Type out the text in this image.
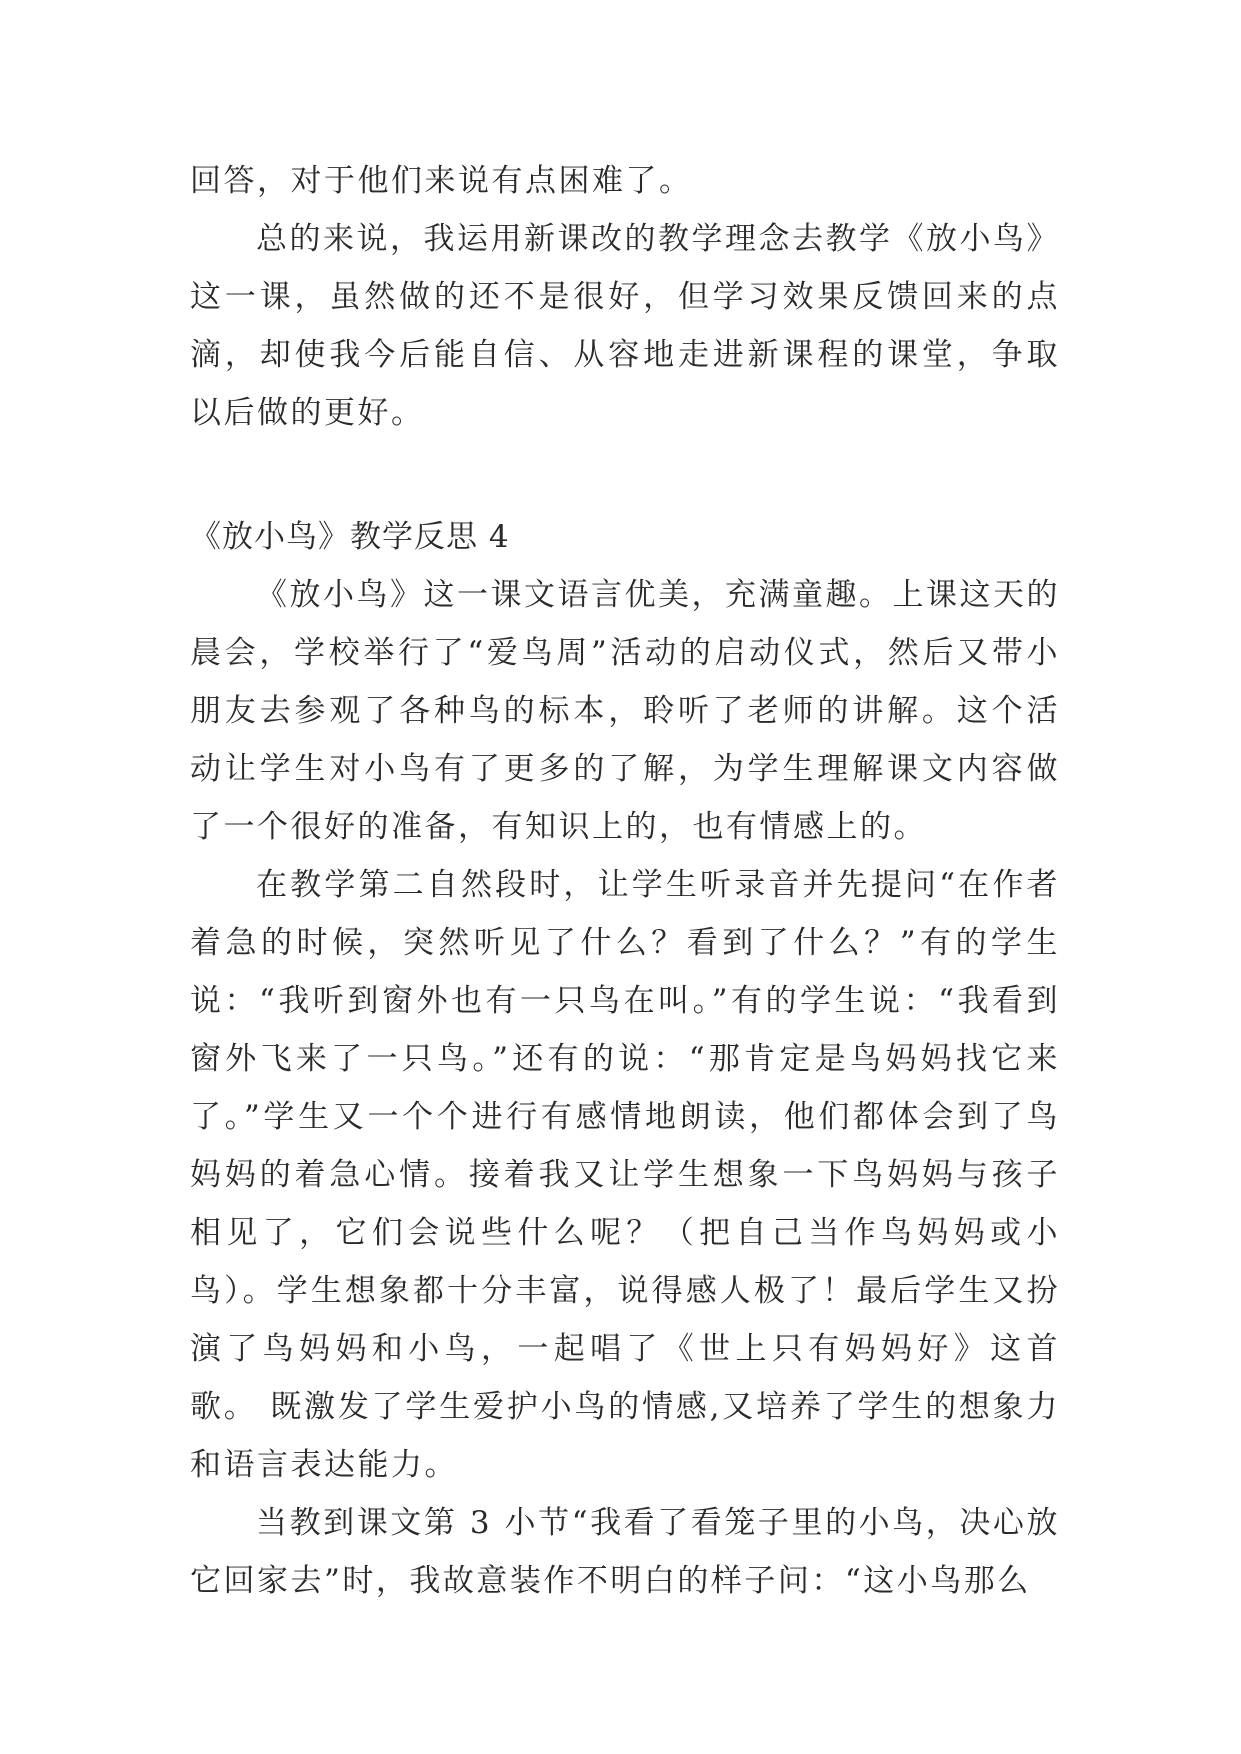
回答，对于他们来说有点困难了。

总的来说，我运用新课改的教学理念去教学《放小鸟》这一课，虽然做的还不是很好，但学习效果反馈回来的点滴，却使我今后能自信、从容地走进新课程的课堂，争取以后做的更好。

《放小鸟》教学反思 4

《放小鸟》这一课文语言优美，充满童趣。上课这天的晨会，学校举行了“爱鸟周”活动的启动仪式，然后又带小朋友去参观了各种鸟的标本，聆听了老师的讲解。这个活动让学生对小鸟有了更多的了解，为学生理解课文内容做了一个很好的准备，有知识上的，也有情感上的。

在教学第二自然段时，让学生听录音并先提问“在作者着急的时候，突然听见了什么？看到了什么？”有的学生说：“我听到窗外也有一只鸟在叫。”有的学生说：“我看到窗外飞来了一只鸟。”还有的说：“那肯定是鸟妈妈找它来了。”学生又一个个进行有感情地朗读，他们都体会到了鸟妈妈的着急心情。接着我又让学生想象一下鸟妈妈与孩子相见了，它们会说些什么呢？（把自己当作鸟妈妈或小鸟）。学生想象都十分丰富，说得感人极了！最后学生又扮演了鸟妈妈和小鸟，一起唱了《世上只有妈妈好》这首歌。 既激发了学生爱护小鸟的情感,又培养了学生的想象力和语言表达能力。

当教到课文第 3 小节“我看了看笼子里的小鸟，决心放它回家去”时，我故意装作不明白的样子问：“这小鸟那么
